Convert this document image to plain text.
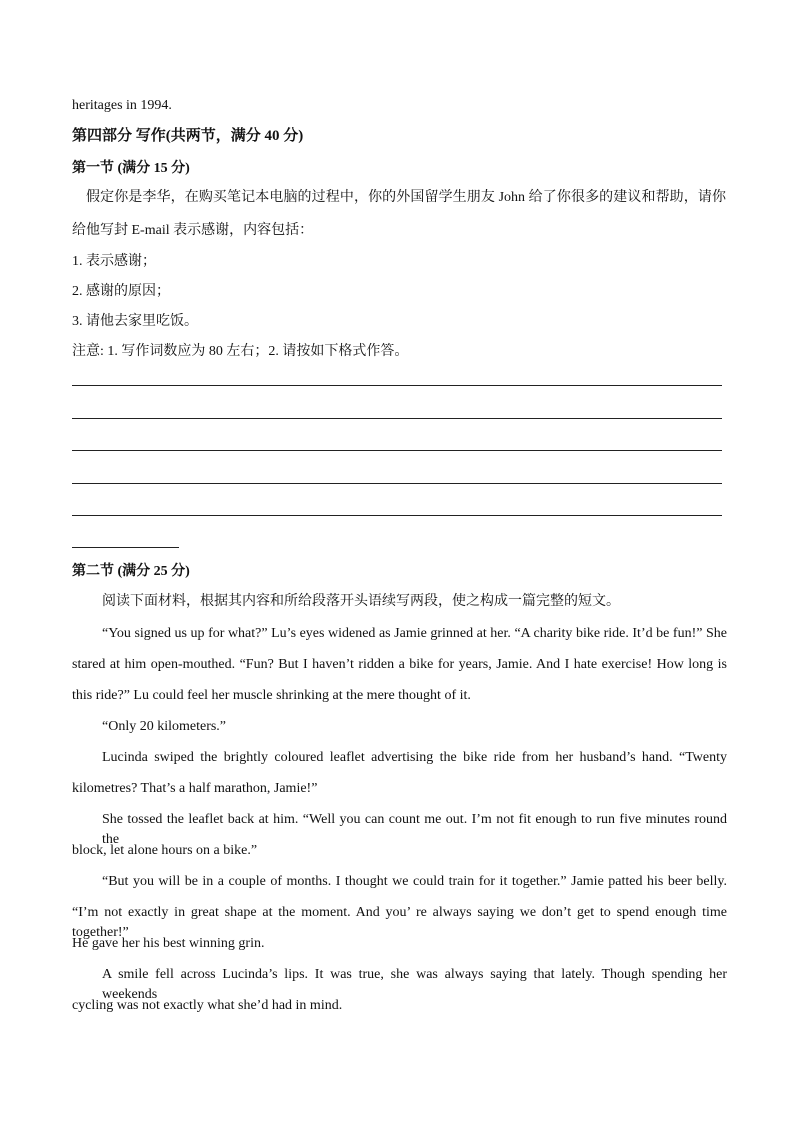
heritages in 1994.
第四部分 写作(共两节，满分 40 分)
第一节 (满分 15 分)
假定你是李华，在购买笔记本电脑的过程中，你的外国留学生朋友 John 给了你很多的建议和帮助，请你
给他写封 E-mail 表示感谢，内容包括：
1. 表示感谢；
2. 感谢的原因；
3. 请他去家里吃饭。
注意: 1. 写作词数应为 80 左右；2. 请按如下格式作答。
第二节 (满分 25 分)
阅读下面材料，根据其内容和所给段落开头语续写两段，使之构成一篇完整的短文。
“You signed us up for what?” Lu’s eyes widened as Jamie grinned at her. “A charity bike ride. It’d be fun!” She
stared at him open-mouthed. “Fun? But I haven’t ridden a bike for years, Jamie. And I hate exercise! How long is
this ride?” Lu could feel her muscle shrinking at the mere thought of it.
“Only 20 kilometers.”
Lucinda swiped the brightly coloured leaflet advertising the bike ride from her husband’s hand. “Twenty
kilometres? That’s a half marathon, Jamie!”
She tossed the leaflet back at him. “Well you can count me out. I’m not fit enough to run five minutes round the
block, let alone hours on a bike.”
“But you will be in a couple of months. I thought we could train for it together.” Jamie patted his beer belly.
“I’m not exactly in great shape at the moment. And you’ re always saying we don’t get to spend enough time together!”
He gave her his best winning grin.
A smile fell across Lucinda’s lips. It was true, she was always saying that lately. Though spending her weekends
cycling was not exactly what she’d had in mind.
